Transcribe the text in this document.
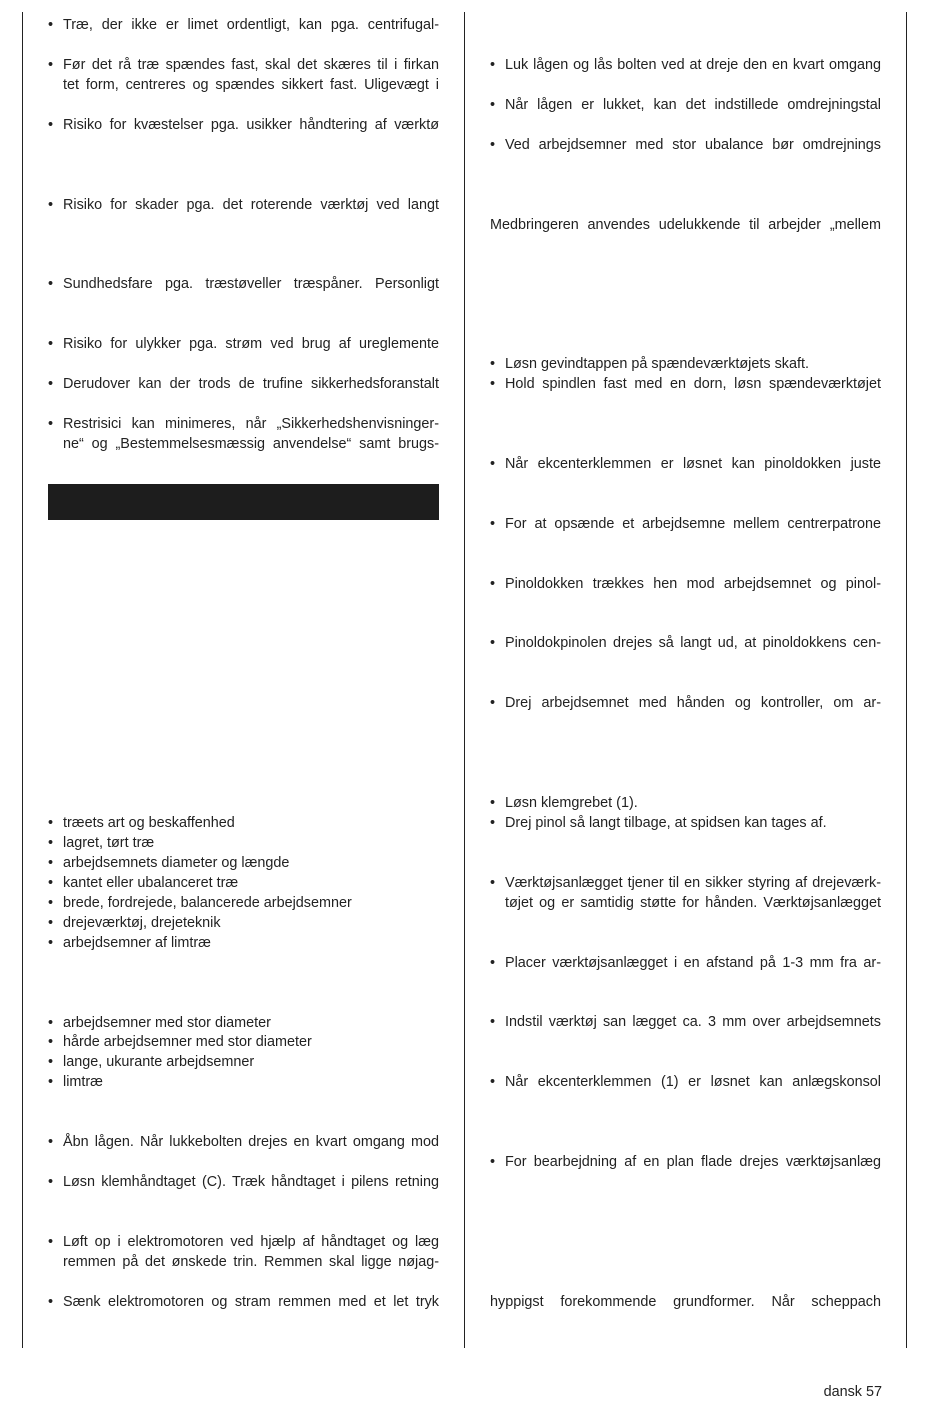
• Træ, der ikke er limet ordentligt, kan pga. centrifugal-
• Før det rå træ spændes fast, skal det skæres til i firkan
tet form, centreres og spændes sikkert fast. Uligevægt i
• Risiko for kvæstelser pga. usikker håndtering af værktø
• Risiko for skader pga. det roterende værktøj ved langt
• Sundhedsfare pga. træstøveller træspåner. Personligt
• Risiko for ulykker pga. strøm ved brug af ureglemente
• Derudover kan der trods de trufine sikkerhedsforanstalt
• Restrisici kan minimeres, når „Sikkerhedshenvisninger-
ne“ og „Bestemmelsesmæssig anvendelse“ samt brugs-
• træets art og beskaffenhed
• lagret, tørt træ
• arbejdsemnets diameter og længde
• kantet eller ubalanceret træ
• brede, fordrejede, balancerede arbejdsemner
• drejeværktøj, drejeteknik
• arbejdsemner af limtræ
• arbejdsemner med stor diameter
• hårde arbejdsemner med stor diameter
• lange, ukurante arbejdsemner
• limtræ
• Åbn lågen. Når lukkebolten drejes en kvart omgang mod
• Løsn klemhåndtaget (C). Træk håndtaget i pilens retning
• Løft op i elektromotoren ved hjælp af håndtaget og læg
remmen på det ønskede trin. Remmen skal ligge nøjag-
• Sænk elektromotoren og stram remmen med et let tryk
• Luk lågen og lås bolten ved at dreje den en kvart omgang
• Når lågen er lukket, kan det indstillede omdrejningstal
• Ved arbejdsemner med stor ubalance bør omdrejnings
Medbringeren anvendes udelukkende til arbejder „mellem
• Løsn gevindtappen på spændeværktøjets skaft.
• Hold spindlen fast med en dorn, løsn spændeværktøjet
• Når ekcenterklemmen er løsnet kan pinoldokken juste
• For at opsænde et arbejdsemne mellem centrerpatrone
• Pinoldokken trækkes hen mod arbejdsemnet og pinol-
• Pinoldokpinolen drejes så langt ud, at pinoldokkens cen-
• Drej arbejdsemnet med hånden og kontroller, om ar-
• Løsn klemgrebet (1).
• Drej pinol så langt tilbage, at spidsen kan tages af.
• Værktøjsanlægget tjener til en sikker styring af drejeværk-
tøjet og er samtidig støtte for hånden. Værktøjsanlægget
• Placer værktøjsanlægget i en afstand på 1-3 mm fra ar-
• Indstil værktøj san lægget ca. 3 mm over arbejdsemnets
• Når ekcenterklemmen (1) er løsnet kan anlægskonsol
• For bearbejdning af en plan flade drejes værktøjsanlæg
hyppigst forekommende grundformer. Når scheppach
dansk 57
